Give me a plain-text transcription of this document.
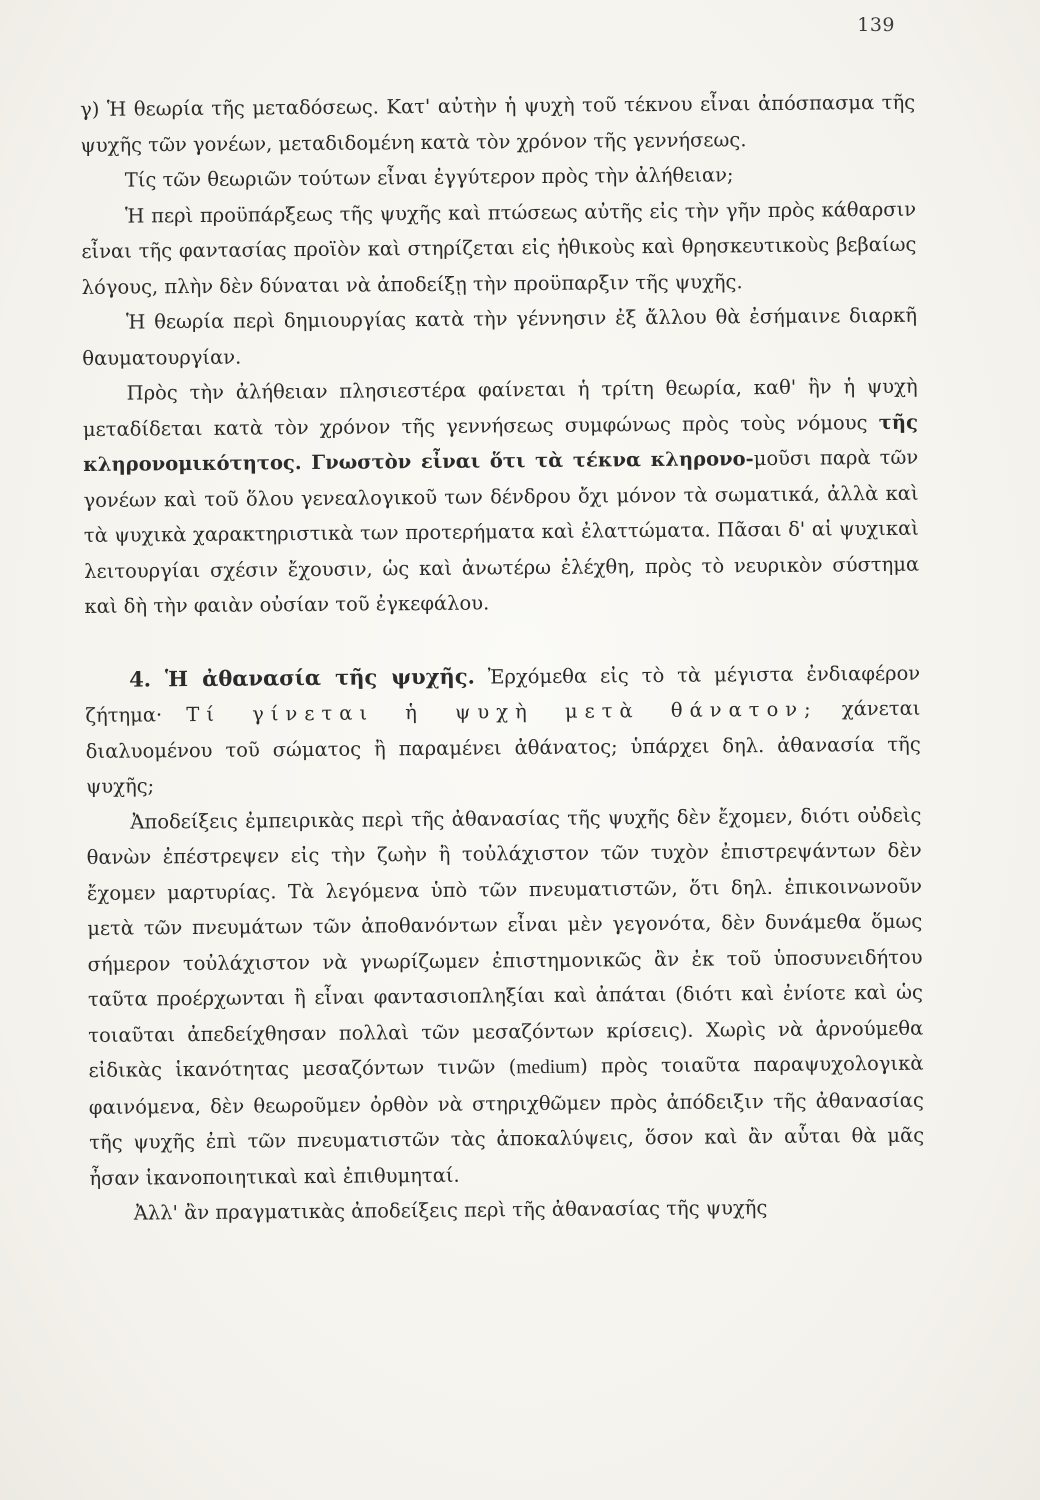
139

γ) Ἡ θεωρία τῆς μεταδόσεως. Κατ' αὐτὴν ἡ ψυχὴ τοῦ τέκνου εἶναι ἀπόσπασμα τῆς ψυχῆς τῶν γονέων, μεταδιδομένη κατὰ τὸν χρόνον τῆς γεννήσεως.

Τίς τῶν θεωριῶν τούτων εἶναι ἐγγύτερον πρὸς τὴν ἀλήθειαν;

Ἡ περὶ προϋπάρξεως τῆς ψυχῆς καὶ πτώσεως αὐτῆς εἰς τὴν γῆν πρὸς κάθαρσιν εἶναι τῆς φαντασίας προϊὸν καὶ στηρίζεται εἰς ἠθικοὺς καὶ θρησκευτικοὺς βεβαίως λόγους, πλὴν δὲν δύναται νὰ ἀποδείξῃ τὴν προϋπαρξιν τῆς ψυχῆς.

Ἡ θεωρία περὶ δημιουργίας κατὰ τὴν γέννησιν ἐξ ἄλλου θὰ ἐσήμαινε διαρκῆ θαυματουργίαν.

Πρὸς τὴν ἀλήθειαν πλησιεστέρα φαίνεται ἡ τρίτη θεωρία, καθ' ἣν ἡ ψυχὴ μεταδίδεται κατὰ τὸν χρόνον τῆς γεννήσεως συμφώνως πρὸς τοὺς νόμους τῆς κληρονομικότητος. Γνωστὸν εἶναι ὅτι τὰ τέκνα κληρονο-μοῦσι παρὰ τῶν γονέων καὶ τοῦ ὅλου γενεαλογικοῦ των δένδρου ὄχι μόνον τὰ σωματικά, ἀλλὰ καὶ τὰ ψυχικὰ χαρακτηριστικὰ των προτερήματα καὶ ἐλαττώματα. Πᾶσαι δ' αἱ ψυχικαὶ λειτουργίαι σχέσιν ἔχουσιν, ὡς καὶ ἀνωτέρω ἐλέχθη, πρὸς τὸ νευρικὸν σύστημα καὶ δὴ τὴν φαιὰν οὐσίαν τοῦ ἐγκεφάλου.

4. Ἡ ἀθανασία τῆς ψυχῆς. Ἐρχόμεθα εἰς τὸ τὰ μέγιστα ἐνδιαφέρον ζήτημα· Τί γίνεται ἡ ψυχὴ μετὰ θάνατον; χάνεται διαλυομένου τοῦ σώματος ἢ παραμένει ἀθάνατος; ὑπάρχει δηλ. ἀθανασία τῆς ψυχῆς;

Ἀποδείξεις ἐμπειρικὰς περὶ τῆς ἀθανασίας τῆς ψυχῆς δὲν ἔχομεν, διότι οὐδεὶς θανὼν ἐπέστρεψεν εἰς τὴν ζωὴν ἢ τοὐλάχιστον τῶν τυχὸν ἐπιστρεψάντων δὲν ἔχομεν μαρτυρίας. Τὰ λεγόμενα ὑπὸ τῶν πνευματιστῶν, ὅτι δηλ. ἐπικοινωνοῦν μετὰ τῶν πνευμάτων τῶν ἀποθανόντων εἶναι μὲν γεγονότα, δὲν δυνάμεθα ὅμως σήμερον τοὐλάχιστον νὰ γνωρίζωμεν ἐπιστημονικῶς ἂν ἐκ τοῦ ὑποσυνειδήτου ταῦτα προέρχωνται ἢ εἶναι φαντασιοπληξίαι καὶ ἀπάται (διότι καὶ ἐνίοτε καὶ ὡς τοιαῦται ἀπεδείχθησαν πολλαὶ τῶν μεσαζόντων κρίσεις). Χωρὶς νὰ ἀρνούμεθα εἰδικὰς ἱκανότητας μεσαζόντων τινῶν (medium) πρὸς τοιαῦτα παραψυχολογικὰ φαινόμενα, δὲν θεωροῦμεν ὀρθὸν νὰ στηριχθῶμεν πρὸς ἀπόδειξιν τῆς ἀθανασίας τῆς ψυχῆς ἐπὶ τῶν πνευματιστῶν τὰς ἀποκαλύψεις, ὅσον καὶ ἂν αὗται θὰ μᾶς ἦσαν ἱκανοποιητικαὶ καὶ ἐπιθυμηταί.

Ἀλλ' ἂν πραγματικὰς ἀποδείξεις περὶ τῆς ἀθανασίας τῆς ψυχῆς
